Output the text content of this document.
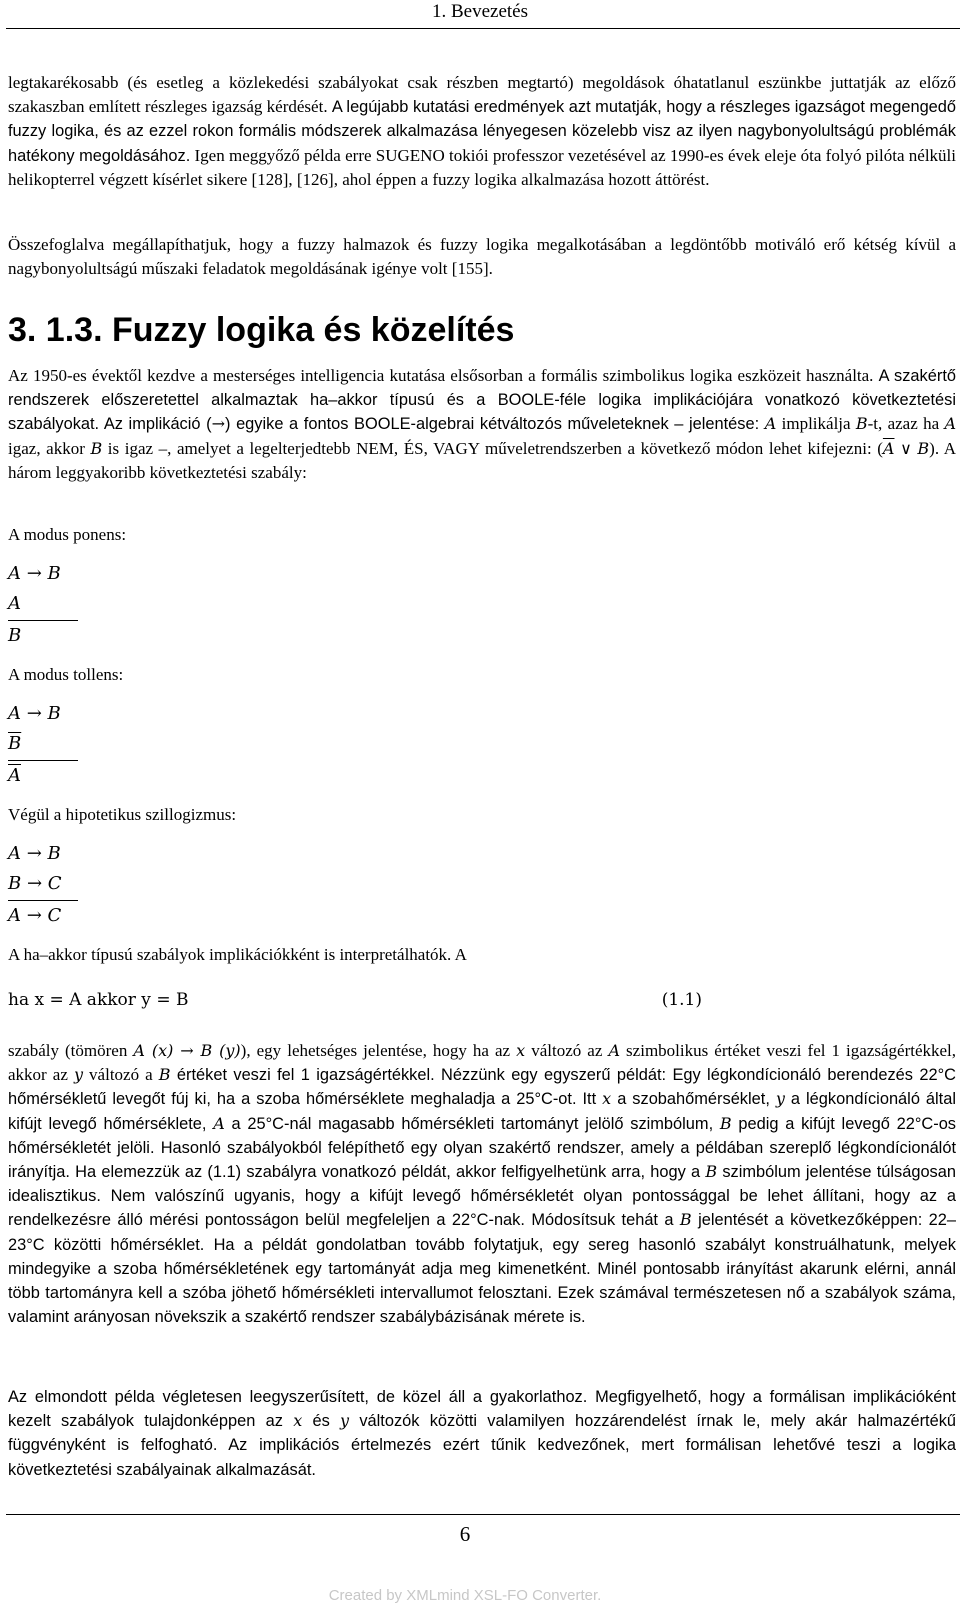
1. Bevezetés

legtakarékosabb (és esetleg a közlekedési szabályokat csak részben megtartó) megoldások óhatatlanul eszünkbe juttatják az előző szakaszban említett részleges igazság kérdését. A legújabb kutatási eredmények azt mutatják, hogy a részleges igazságot megengedő fuzzy logika, és az ezzel rokon formális módszerek alkalmazása lényegesen közelebb visz az ilyen nagybonyolultságú problémák hatékony megoldásához. Igen meggyőző példa erre SUGENO tokiói professzor vezetésével az 1990-es évek eleje óta folyó pilóta nélküli helikopterrel végzett kísérlet sikere [128], [126], ahol éppen a fuzzy logika alkalmazása hozott áttörést.

Összefoglalva megállapíthatjuk, hogy a fuzzy halmazok és fuzzy logika megalkotásában a legdöntőbb motiváló erő kétség kívül a nagybonyolultságú műszaki feladatok megoldásának igénye volt [155].

3. 1.3. Fuzzy logika és közelítés

Az 1950-es évektől kezdve a mesterséges intelligencia kutatása elsősorban a formális szimbolikus logika eszközeit használta. A szakértő rendszerek előszeretettel alkalmaztak ha–akkor típusú és a BOOLE-féle logika implikációjára vonatkozó következtetési szabályokat. Az implikáció (→) egyike a fontos BOOLE-algebrai kétváltozós műveleteknek – jelentése: A implikálja B-t, azaz ha A igaz, akkor B is igaz –, amelyet a legelterjedtebb NEM, ÉS, VAGY műveletrendszerben a következő módon lehet kifejezni: ($\overline{A}$ ∨ B). A három leggyakoribb következtetési szabály:

A modus ponens:

A → B
A
B

A modus tollens:

A → B
$\overline{B}$
$\overline{A}$

Végül a hipotetikus szillogizmus:

A → B
B → C
A → C

A ha–akkor típusú szabályok implikációkként is interpretálhatók. A

ha x = A akkor y = B	(1.1)

szabály (tömören A (x) → B (y)), egy lehetséges jelentése, hogy ha az x változó az A szimbolikus értéket veszi fel 1 igazságértékkel, akkor az y változó a B értéket veszi fel 1 igazságértékkel. Nézzünk egy egyszerű példát: Egy légkondícionáló berendezés 22°C hőmérsékletű levegőt fúj ki, ha a szoba hőmérséklete meghaladja a 25°C-ot. Itt x a szobahőmérséklet, y a légkondícionáló által kifújt levegő hőmérséklete, A a 25°C-nál magasabb hőmérsékleti tartományt jelölő szimbólum, B pedig a kifújt levegő 22°C-os hőmérsékletét jelöli. Hasonló szabályokból felépíthető egy olyan szakértő rendszer, amely a példában szereplő légkondícionálót irányítja. Ha elemezzük az (1.1) szabályra vonatkozó példát, akkor felfigyelhetünk arra, hogy a B szimbólum jelentése túlságosan idealisztikus. Nem valószínű ugyanis, hogy a kifújt levegő hőmérsékletét olyan pontossággal be lehet állítani, hogy az a rendelkezésre álló mérési pontosságon belül megfeleljen a 22°C-nak. Módosítsuk tehát a B jelentését a következőképpen: 22–23°C közötti hőmérséklet. Ha a példát gondolatban tovább folytatjuk, egy sereg hasonló szabályt konstruálhatunk, melyek mindegyike a szoba hőmérsékletének egy tartományát adja meg kimenetként. Minél pontosabb irányítást akarunk elérni, annál több tartományra kell a szóba jöhető hőmérsékleti intervallumot felosztani. Ezek számával természetesen nő a szabályok száma, valamint arányosan növekszik a szakértő rendszer szabálybázisának mérete is.

Az elmondott példa végletesen leegyszerűsített, de közel áll a gyakorlathoz. Megfigyelhető, hogy a formálisan implikációként kezelt szabályok tulajdonképpen az x és y változók közötti valamilyen hozzárendelést írnak le, mely akár halmazértékű függvényként is felfogható. Az implikációs értelmezés ezért tűnik kedvezőnek, mert formálisan lehetővé teszi a logika következtetési szabályainak alkalmazását.

6
Created by XMLmind XSL-FO Converter.
